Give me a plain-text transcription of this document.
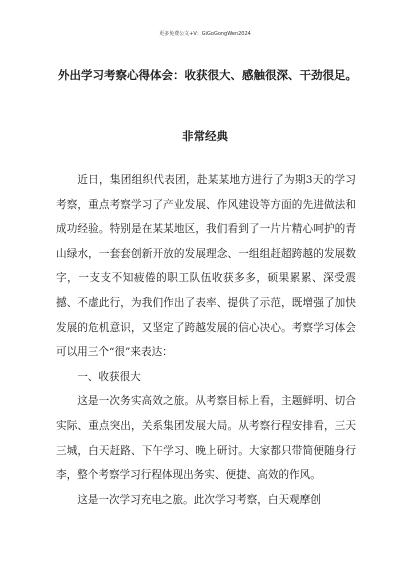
更多免费公文+V：GiGoGongWen2024
外出学习考察心得体会：收获很大、感触很深、干劲很足。
非常经典

近日，集团组织代表团，赴某某地方进行了为期3天的学习考察，重点考察学习了产业发展、作风建设等方面的先进做法和成功经验。特别是在某某地区，我们看到了一片片精心呵护的青山绿水，一套套创新开放的发展理念、一组组赶超跨越的发展数字，一支支不知疲倦的职工队伍收获多多，硕果累累、深受震撼、不虚此行，为我们作出了表率、提供了示范，既增强了加快发展的危机意识，又坚定了跨越发展的信心决心。考察学习体会可以用三个“很”来表达：

一、收获很大

这是一次务实高效之旅。从考察目标上看，主题鲜明、切合实际、重点突出，关系集团发展大局。从考察行程安排看，三天三城，白天赶路、下午学习、晚上研讨。大家都只带简便随身行李，整个考察学习行程体现出务实、便捷、高效的作风。

这是一次学习充电之旅。此次学习考察，白天观摩创
